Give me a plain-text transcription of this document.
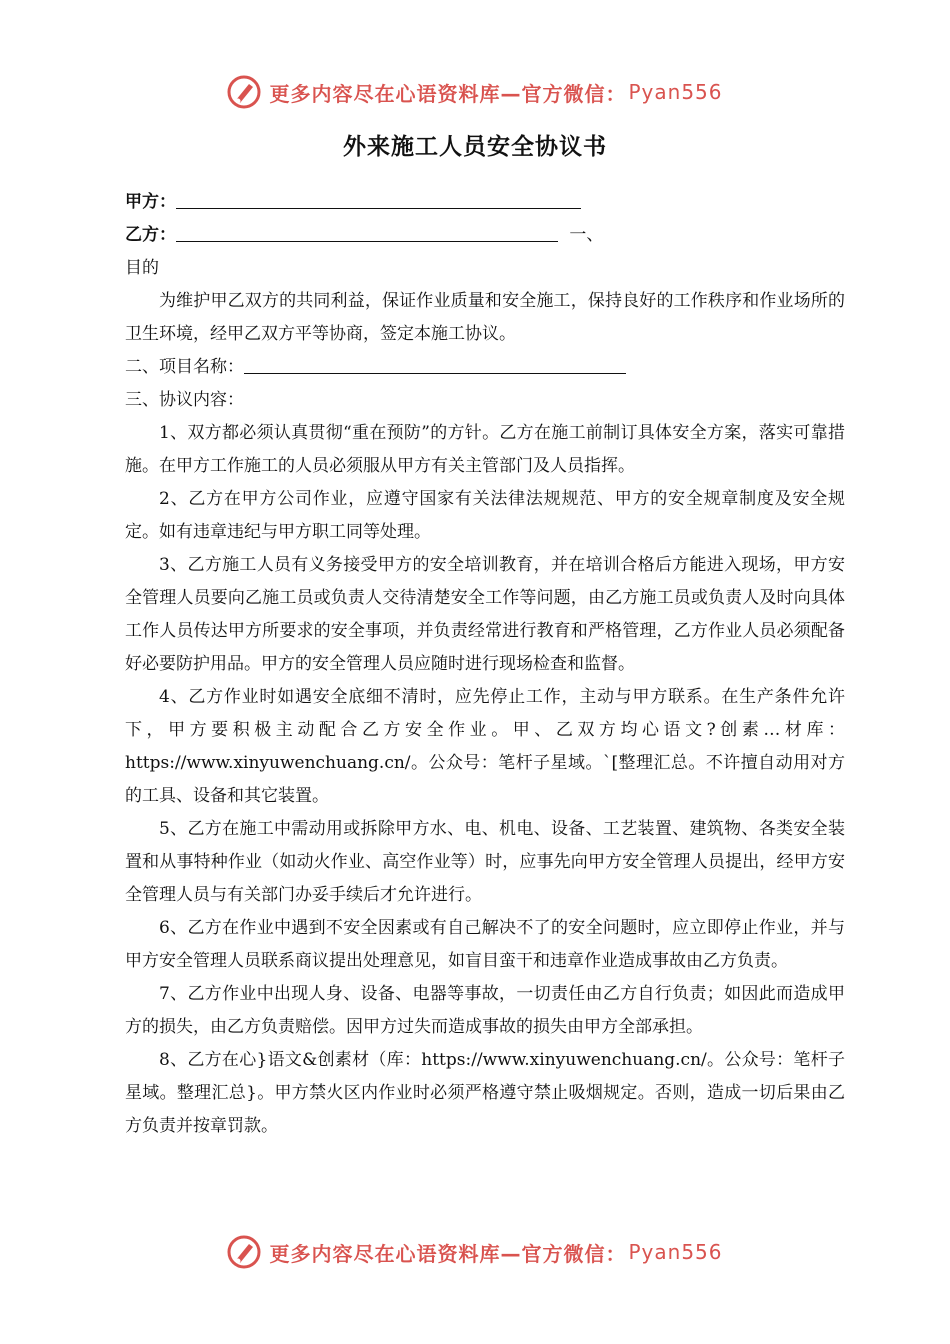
更多内容尽在心语资料库—官方微信： Pyan556
外来施工人员安全协议书

甲方：

乙方：	一、

目的

为维护甲乙双方的共同利益，保证作业质量和安全施工，保持良好的工作秩序和作业场所的卫生环境，经甲乙双方平等协商，签定本施工协议。

二、项目名称：

三、协议内容：

1、双方都必须认真贯彻“重在预防”的方针。乙方在施工前制订具体安全方案，落实可靠措施。在甲方工作施工的人员必须服从甲方有关主管部门及人员指挥。

2、乙方在甲方公司作业，应遵守国家有关法律法规规范、甲方的安全规章制度及安全规定。如有违章违纪与甲方职工同等处理。

3、乙方施工人员有义务接受甲方的安全培训教育，并在培训合格后方能进入现场，甲方安全管理人员要向乙施工员或负责人交待清楚安全工作等问题，由乙方施工员或负责人及时向具体工作人员传达甲方所要求的安全事项，并负责经常进行教育和严格管理，乙方作业人员必须配备好必要防护用品。甲方的安全管理人员应随时进行现场检查和监督。

4、乙方作业时如遇安全底细不清时，应先停止工作，主动与甲方联系。在生产条件允许下，甲方要积极主动配合乙方安全作业。甲、乙双方均心语文?创素…材库：https://www.xinyuwenchuang.cn/。公众号：笔杆子星域。`[整理汇总。不许擅自动用对方的工具、设备和其它装置。

5、乙方在施工中需动用或拆除甲方水、电、机电、设备、工艺装置、建筑物、各类安全装置和从事特种作业（如动火作业、高空作业等）时，应事先向甲方安全管理人员提出，经甲方安全管理人员与有关部门办妥手续后才允许进行。

6、乙方在作业中遇到不安全因素或有自己解决不了的安全问题时，应立即停止作业，并与甲方安全管理人员联系商议提出处理意见，如盲目蛮干和违章作业造成事故由乙方负责。

7、乙方作业中出现人身、设备、电器等事故，一切责任由乙方自行负责；如因此而造成甲方的损失，由乙方负责赔偿。因甲方过失而造成事故的损失由甲方全部承担。

8、乙方在心}语文&创素材（库：https://www.xinyuwenchuang.cn/。公众号：笔杆子星域。整理汇总}。甲方禁火区内作业时必须严格遵守禁止吸烟规定。否则，造成一切后果由乙方负责并按章罚款。

更多内容尽在心语资料库—官方微信： Pyan556
